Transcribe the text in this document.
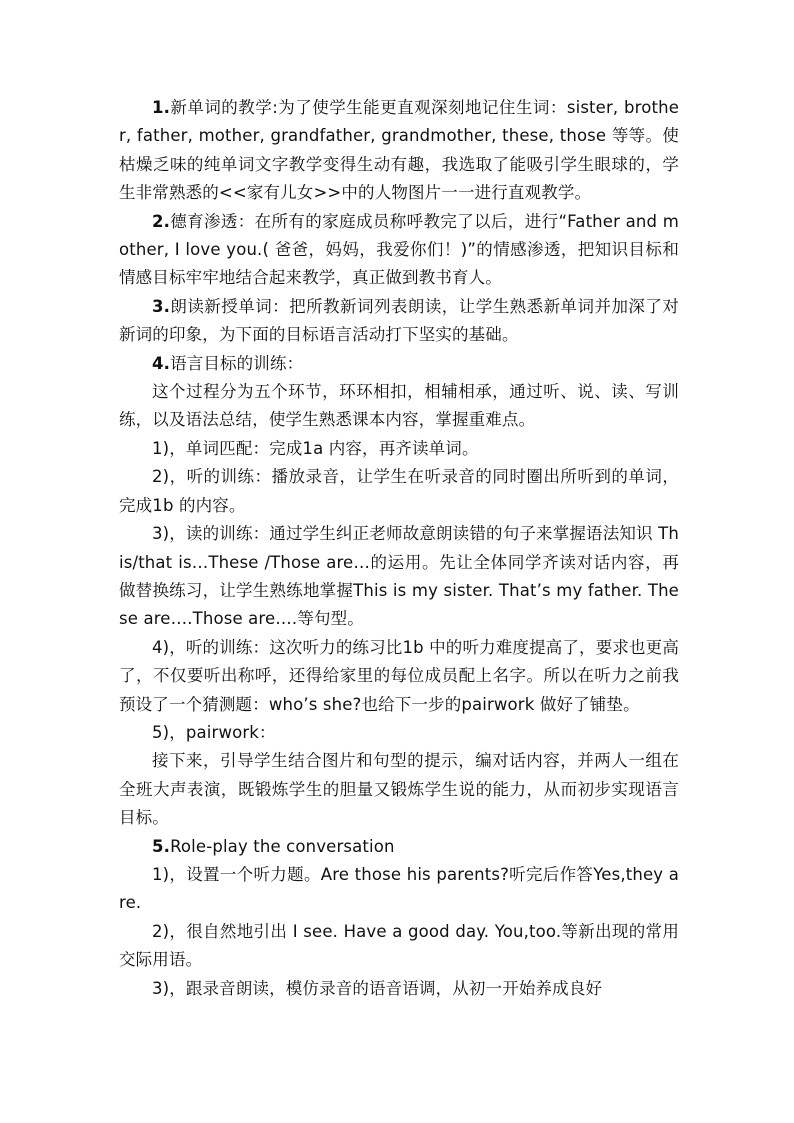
1.新单词的教学:为了使学生能更直观深刻地记住生词：sister, brother, father, mother, grandfather, grandmother, these, those 等等。使枯燥乏味的纯单词文字教学变得生动有趣，我选取了能吸引学生眼球的，学生非常熟悉的<<家有儿女>>中的人物图片一一进行直观教学。

2.德育渗透：在所有的家庭成员称呼教完了以后，进行“Father and mother, I love you.( 爸爸，妈妈，我爱你们！)”的情感渗透，把知识目标和情感目标牢牢地结合起来教学，真正做到教书育人。

3.朗读新授单词：把所教新词列表朗读，让学生熟悉新单词并加深了对新词的印象，为下面的目标语言活动打下坚实的基础。

4.语言目标的训练：

这个过程分为五个环节，环环相扣，相辅相承，通过听、说、读、写训练，以及语法总结，使学生熟悉课本内容，掌握重难点。

1)，单词匹配：完成1a 内容，再齐读单词。

2)，听的训练：播放录音，让学生在听录音的同时圈出所听到的单词，完成1b 的内容。

3)，读的训练：通过学生纠正老师故意朗读错的句子来掌握语法知识 This/that is…These /Those are…的运用。先让全体同学齐读对话内容，再做替换练习，让学生熟练地掌握This is my sister. That’s my father. These are….Those are….等句型。

4)，听的训练：这次听力的练习比1b 中的听力难度提高了，要求也更高了，不仅要听出称呼，还得给家里的每位成员配上名字。所以在听力之前我预设了一个猜测题：who’s she?也给下一步的pairwork 做好了铺垫。

5)，pairwork：

接下来，引导学生结合图片和句型的提示，编对话内容，并两人一组在全班大声表演，既锻炼学生的胆量又锻炼学生说的能力，从而初步实现语言目标。

5.Role-play the conversation

1)，设置一个听力题。Are those his parents?听完后作答Yes,they are.

2)，很自然地引出 I see. Have a good day. You,too.等新出现的常用交际用语。

3)，跟录音朗读，模仿录音的语音语调，从初一开始养成良好
